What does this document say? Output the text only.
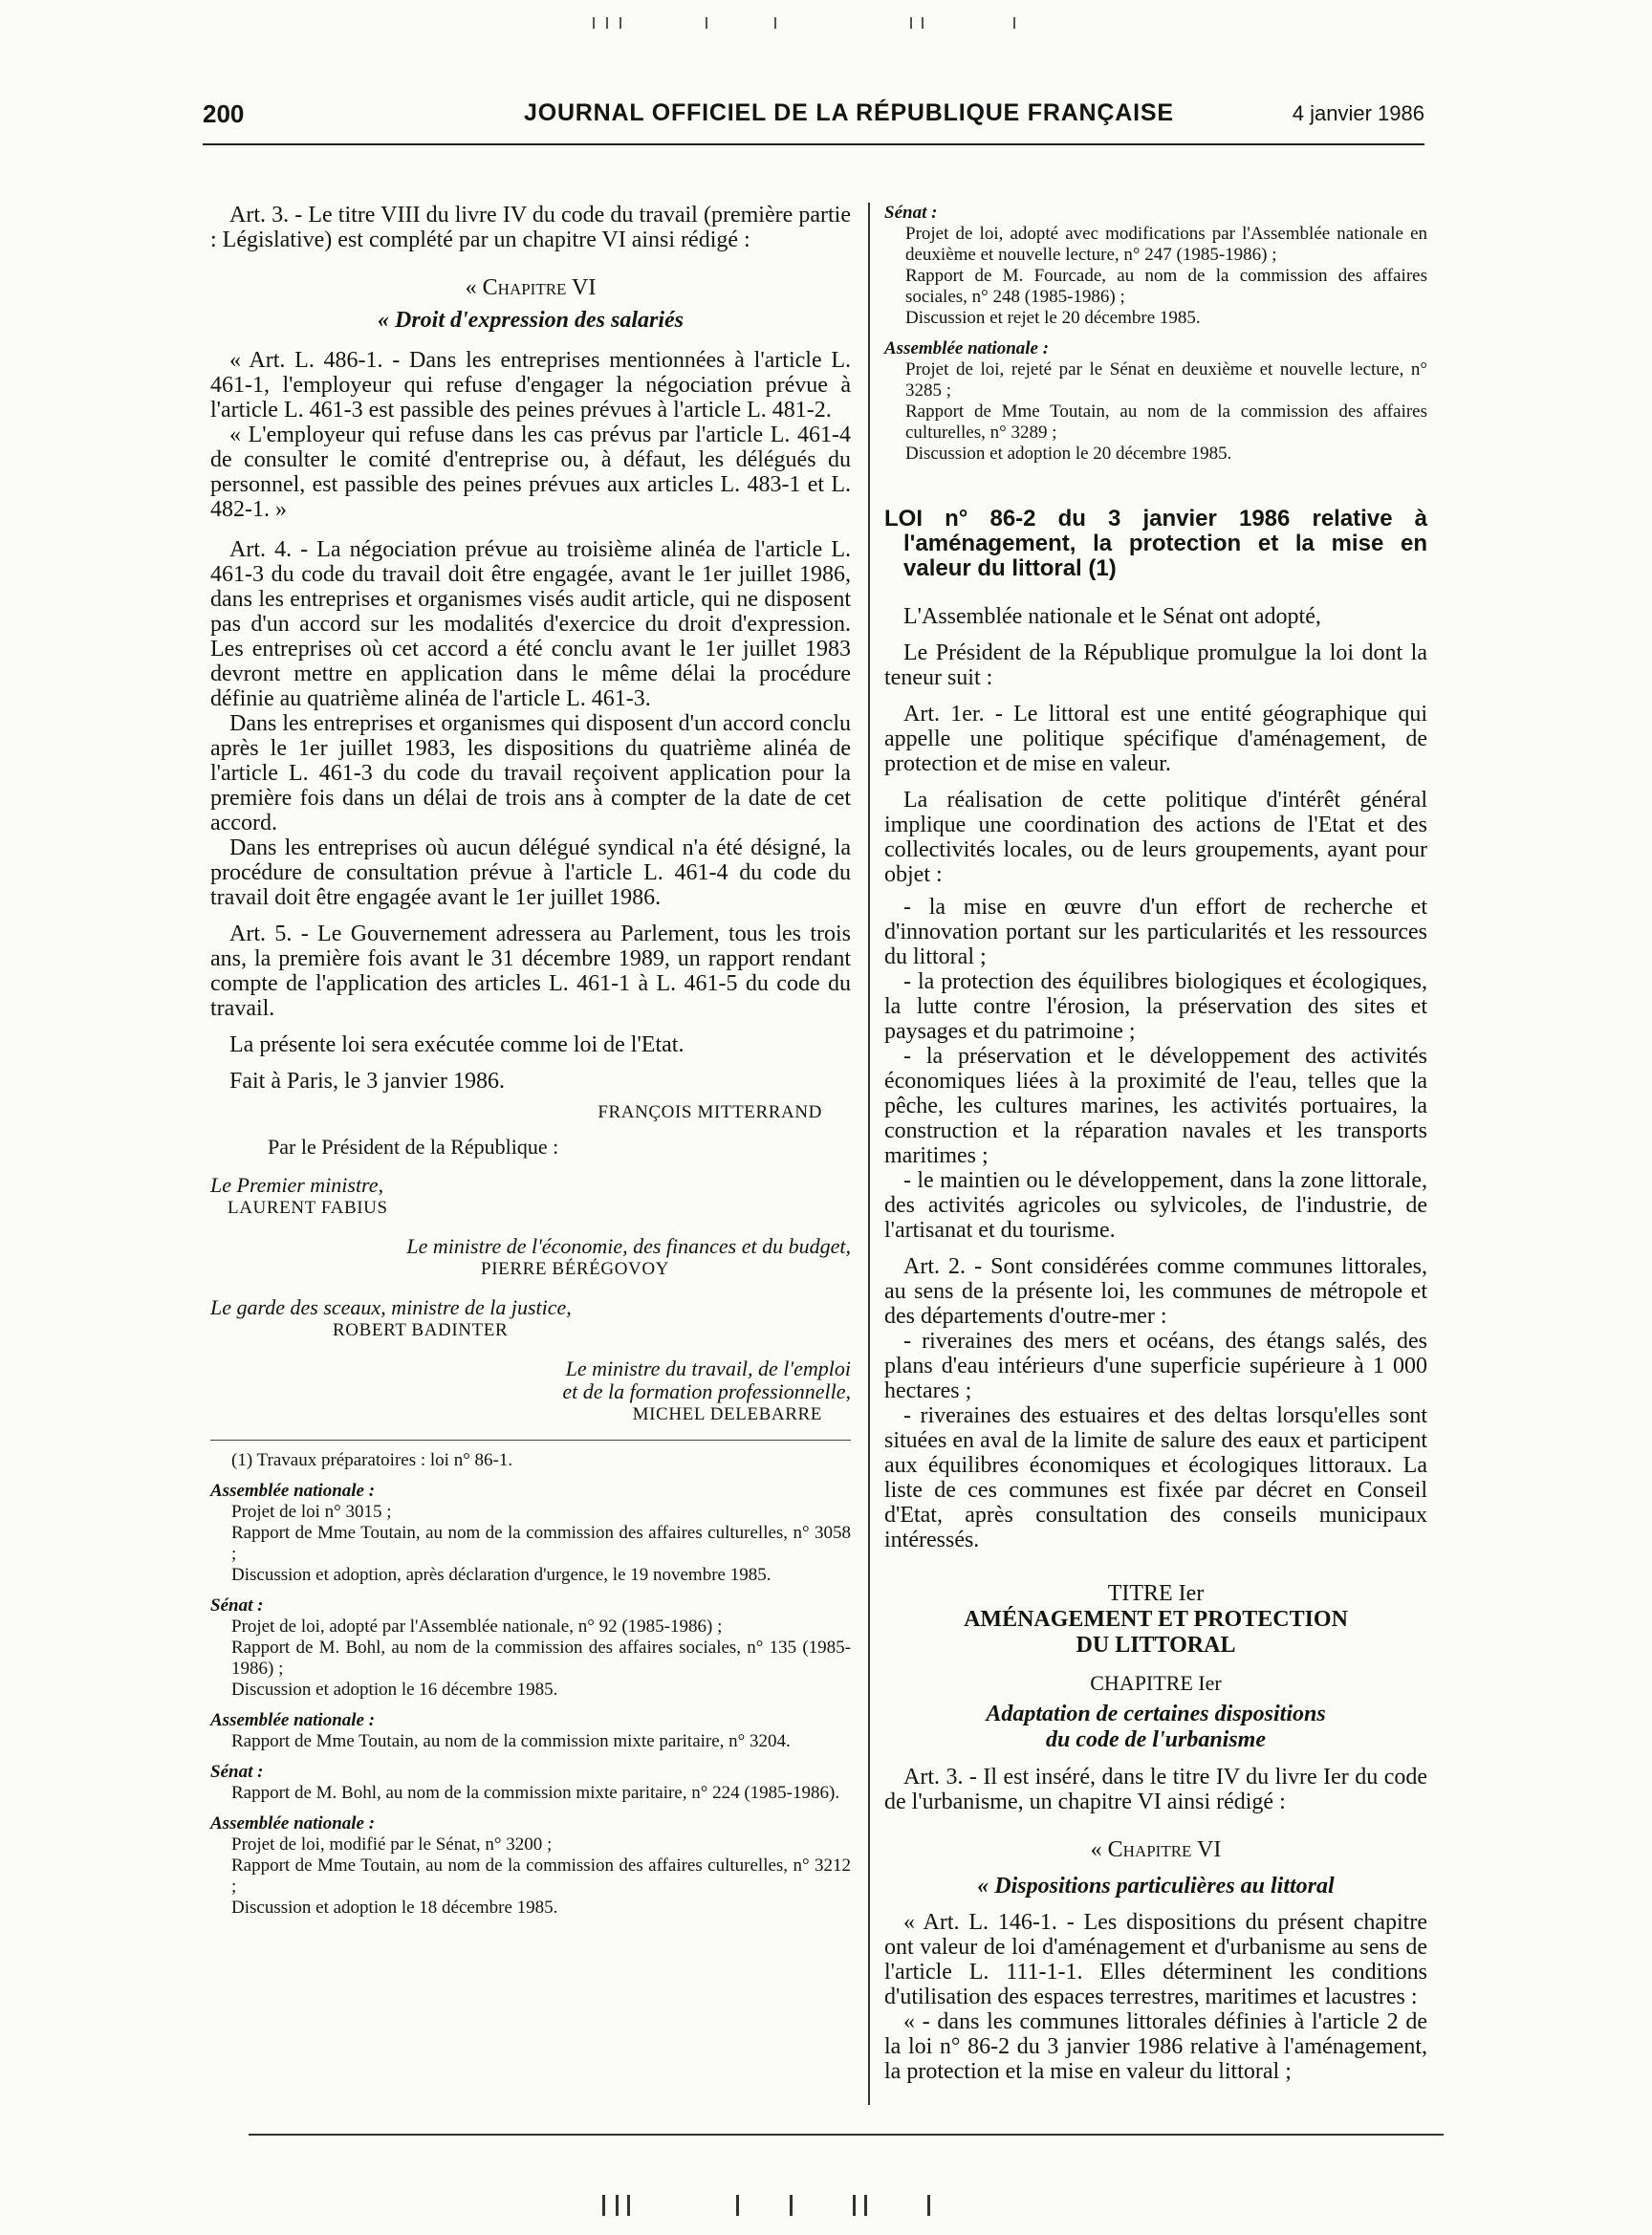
200	JOURNAL OFFICIEL DE LA RÉPUBLIQUE FRANÇAISE	4 janvier 1986

Art. 3. - Le titre VIII du livre IV du code du travail (première partie : Législative) est complété par un chapitre VI ainsi rédigé :

« Chapitre VI

« Droit d'expression des salariés

« Art. L. 486-1. - Dans les entreprises mentionnées à l'article L. 461-1, l'employeur qui refuse d'engager la négociation prévue à l'article L. 461-3 est passible des peines prévues à l'article L. 481-2.

« L'employeur qui refuse dans les cas prévus par l'article L. 461-4 de consulter le comité d'entreprise ou, à défaut, les délégués du personnel, est passible des peines prévues aux articles L. 483-1 et L. 482-1. »

Art. 4. - La négociation prévue au troisième alinéa de l'article L. 461-3 du code du travail doit être engagée, avant le 1er juillet 1986, dans les entreprises et organismes visés audit article, qui ne disposent pas d'un accord sur les modalités d'exercice du droit d'expression. Les entreprises où cet accord a été conclu avant le 1er juillet 1983 devront mettre en application dans le même délai la procédure définie au quatrième alinéa de l'article L. 461-3.

Dans les entreprises et organismes qui disposent d'un accord conclu après le 1er juillet 1983, les dispositions du quatrième alinéa de l'article L. 461-3 du code du travail reçoivent application pour la première fois dans un délai de trois ans à compter de la date de cet accord.

Dans les entreprises où aucun délégué syndical n'a été désigné, la procédure de consultation prévue à l'article L. 461-4 du code du travail doit être engagée avant le 1er juillet 1986.

Art. 5. - Le Gouvernement adressera au Parlement, tous les trois ans, la première fois avant le 31 décembre 1989, un rapport rendant compte de l'application des articles L. 461-1 à L. 461-5 du code du travail.

La présente loi sera exécutée comme loi de l'Etat.

Fait à Paris, le 3 janvier 1986.

FRANÇOIS MITTERRAND

Par le Président de la République :

Le Premier ministre,

LAURENT FABIUS

Le ministre de l'économie, des finances et du budget,

PIERRE BÉRÉGOVOY

Le garde des sceaux, ministre de la justice,

ROBERT BADINTER

Le ministre du travail, de l'emploi

et de la formation professionnelle,

MICHEL DELEBARRE

(1) Travaux préparatoires : loi n° 86-1.

Assemblée nationale :

Projet de loi n° 3015 ;

Rapport de Mme Toutain, au nom de la commission des affaires culturelles, n° 3058 ;

Discussion et adoption, après déclaration d'urgence, le 19 novembre 1985.

Sénat :

Projet de loi, adopté par l'Assemblée nationale, n° 92 (1985-1986) ;

Rapport de M. Bohl, au nom de la commission des affaires sociales, n° 135 (1985-1986) ;

Discussion et adoption le 16 décembre 1985.

Assemblée nationale :

Rapport de Mme Toutain, au nom de la commission mixte paritaire, n° 3204.

Sénat :

Rapport de M. Bohl, au nom de la commission mixte paritaire, n° 224 (1985-1986).

Assemblée nationale :

Projet de loi, modifié par le Sénat, n° 3200 ;

Rapport de Mme Toutain, au nom de la commission des affaires culturelles, n° 3212 ;

Discussion et adoption le 18 décembre 1985.

Sénat :

Projet de loi, adopté avec modifications par l'Assemblée nationale en deuxième et nouvelle lecture, n° 247 (1985-1986) ;

Rapport de M. Fourcade, au nom de la commission des affaires sociales, n° 248 (1985-1986) ;

Discussion et rejet le 20 décembre 1985.

Assemblée nationale :

Projet de loi, rejeté par le Sénat en deuxième et nouvelle lecture, n° 3285 ;

Rapport de Mme Toutain, au nom de la commission des affaires culturelles, n° 3289 ;

Discussion et adoption le 20 décembre 1985.

LOI n° 86-2 du 3 janvier 1986 relative à l'aménagement, la protection et la mise en valeur du littoral (1)

L'Assemblée nationale et le Sénat ont adopté,

Le Président de la République promulgue la loi dont la teneur suit :

Art. 1er. - Le littoral est une entité géographique qui appelle une politique spécifique d'aménagement, de protection et de mise en valeur.

La réalisation de cette politique d'intérêt général implique une coordination des actions de l'Etat et des collectivités locales, ou de leurs groupements, ayant pour objet :

- la mise en œuvre d'un effort de recherche et d'innovation portant sur les particularités et les ressources du littoral ;

- la protection des équilibres biologiques et écologiques, la lutte contre l'érosion, la préservation des sites et paysages et du patrimoine ;

- la préservation et le développement des activités économiques liées à la proximité de l'eau, telles que la pêche, les cultures marines, les activités portuaires, la construction et la réparation navales et les transports maritimes ;

- le maintien ou le développement, dans la zone littorale, des activités agricoles ou sylvicoles, de l'industrie, de l'artisanat et du tourisme.

Art. 2. - Sont considérées comme communes littorales, au sens de la présente loi, les communes de métropole et des départements d'outre-mer :

- riveraines des mers et océans, des étangs salés, des plans d'eau intérieurs d'une superficie supérieure à 1 000 hectares ;

- riveraines des estuaires et des deltas lorsqu'elles sont situées en aval de la limite de salure des eaux et participent aux équilibres économiques et écologiques littoraux. La liste de ces communes est fixée par décret en Conseil d'Etat, après consultation des conseils municipaux intéressés.

TITRE Ier

AMÉNAGEMENT ET PROTECTION

DU LITTORAL

CHAPITRE Ier

Adaptation de certaines dispositions

du code de l'urbanisme

Art. 3. - Il est inséré, dans le titre IV du livre Ier du code de l'urbanisme, un chapitre VI ainsi rédigé :

« Chapitre VI

« Dispositions particulières au littoral

« Art. L. 146-1. - Les dispositions du présent chapitre ont valeur de loi d'aménagement et d'urbanisme au sens de l'article L. 111-1-1. Elles déterminent les conditions d'utilisation des espaces terrestres, maritimes et lacustres :

« - dans les communes littorales définies à l'article 2 de la loi n° 86-2 du 3 janvier 1986 relative à l'aménagement, la protection et la mise en valeur du littoral ;
